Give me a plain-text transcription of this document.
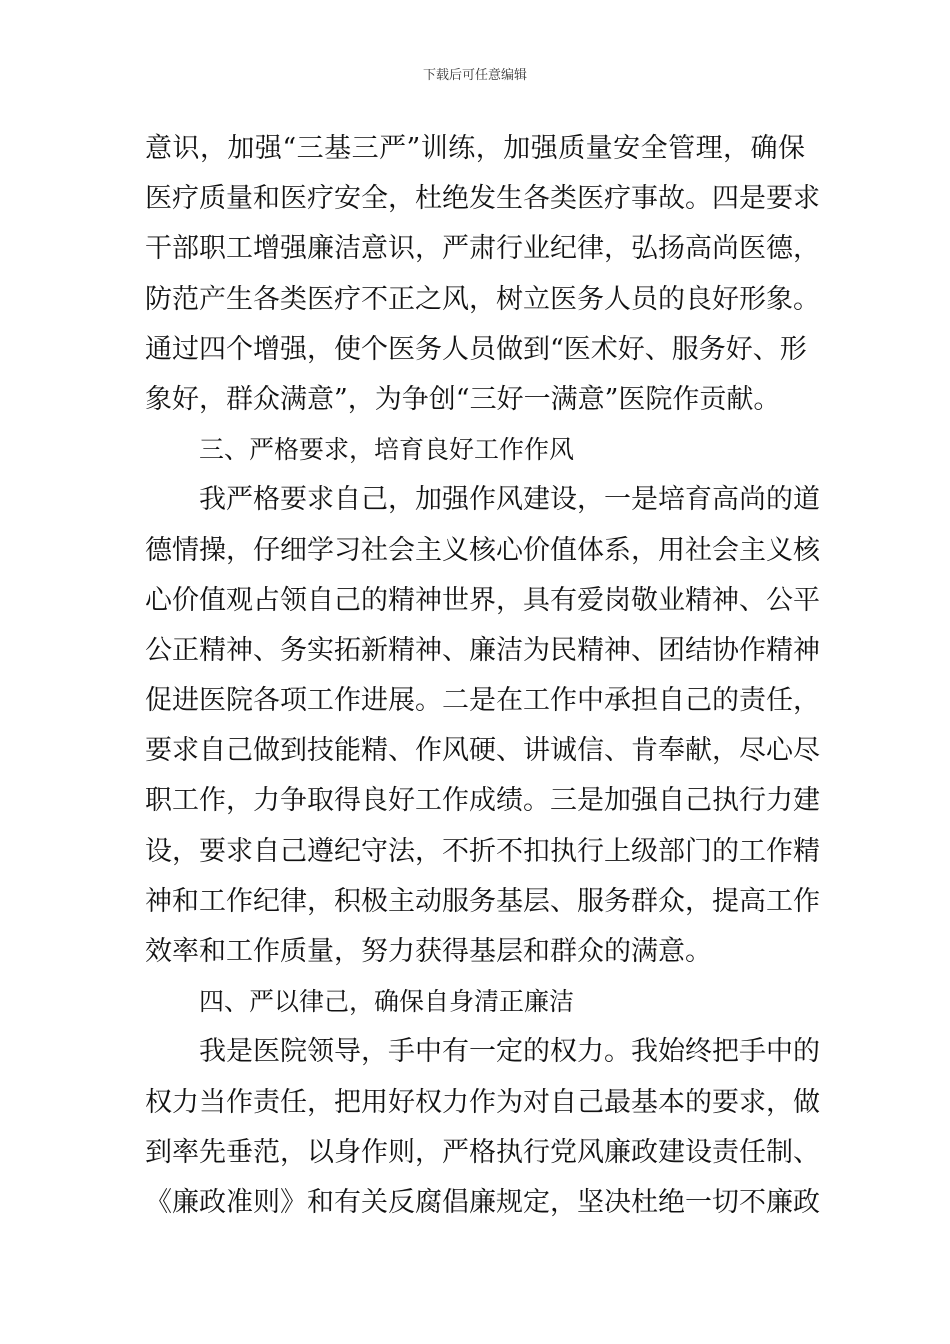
下载后可任意编辑
意识，加强“三基三严”训练，加强质量安全管理，确保
医疗质量和医疗安全，杜绝发生各类医疗事故。四是要求
干部职工增强廉洁意识，严肃行业纪律，弘扬高尚医德，
防范产生各类医疗不正之风，树立医务人员的良好形象。
通过四个增强，使个医务人员做到“医术好、服务好、形
象好，群众满意”，为争创“三好一满意”医院作贡献。
三、严格要求，培育良好工作作风
我严格要求自己，加强作风建设，一是培育高尚的道
德情操，仔细学习社会主义核心价值体系，用社会主义核
心价值观占领自己的精神世界，具有爱岗敬业精神、公平
公正精神、务实拓新精神、廉洁为民精神、团结协作精神
促进医院各项工作进展。二是在工作中承担自己的责任，
要求自己做到技能精、作风硬、讲诚信、肯奉献，尽心尽
职工作，力争取得良好工作成绩。三是加强自己执行力建
设，要求自己遵纪守法，不折不扣执行上级部门的工作精
神和工作纪律，积极主动服务基层、服务群众，提高工作
效率和工作质量，努力获得基层和群众的满意。
四、严以律己，确保自身清正廉洁
我是医院领导，手中有一定的权力。我始终把手中的
权力当作责任，把用好权力作为对自己最基本的要求，做
到率先垂范，以身作则，严格执行党风廉政建设责任制、
《廉政准则》和有关反腐倡廉规定，坚决杜绝一切不廉政
